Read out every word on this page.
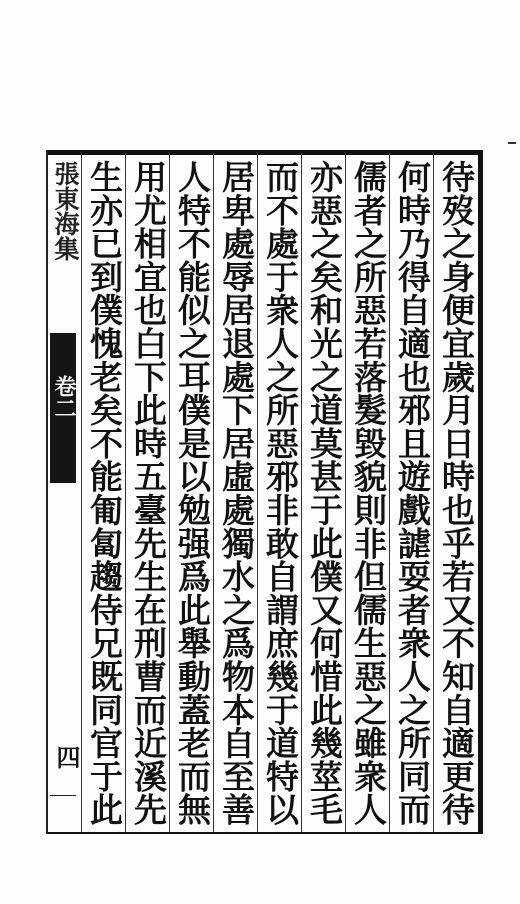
待歿之身便宜歲月日時也乎若又不知自適更待
何時乃得自適也邪且遊戲謔耍者衆人之所同而
儒者之所惡若落髮毀貌則非但儒生惡之雖衆人
亦惡之矣和光之道莫甚于此僕又何惜此幾莖毛
而不處于衆人之所惡邪非敢自謂庶幾于道特以
居卑處辱居退處下居虛處獨水之爲物本自至善
人特不能似之耳僕是以勉强爲此舉動蓋老而無
用尤相宜也白下此時五臺先生在刑曹而近溪先
生亦已到僕愧老矣不能匍匐趨侍兄既同官于此
張東海集
卷二
四
